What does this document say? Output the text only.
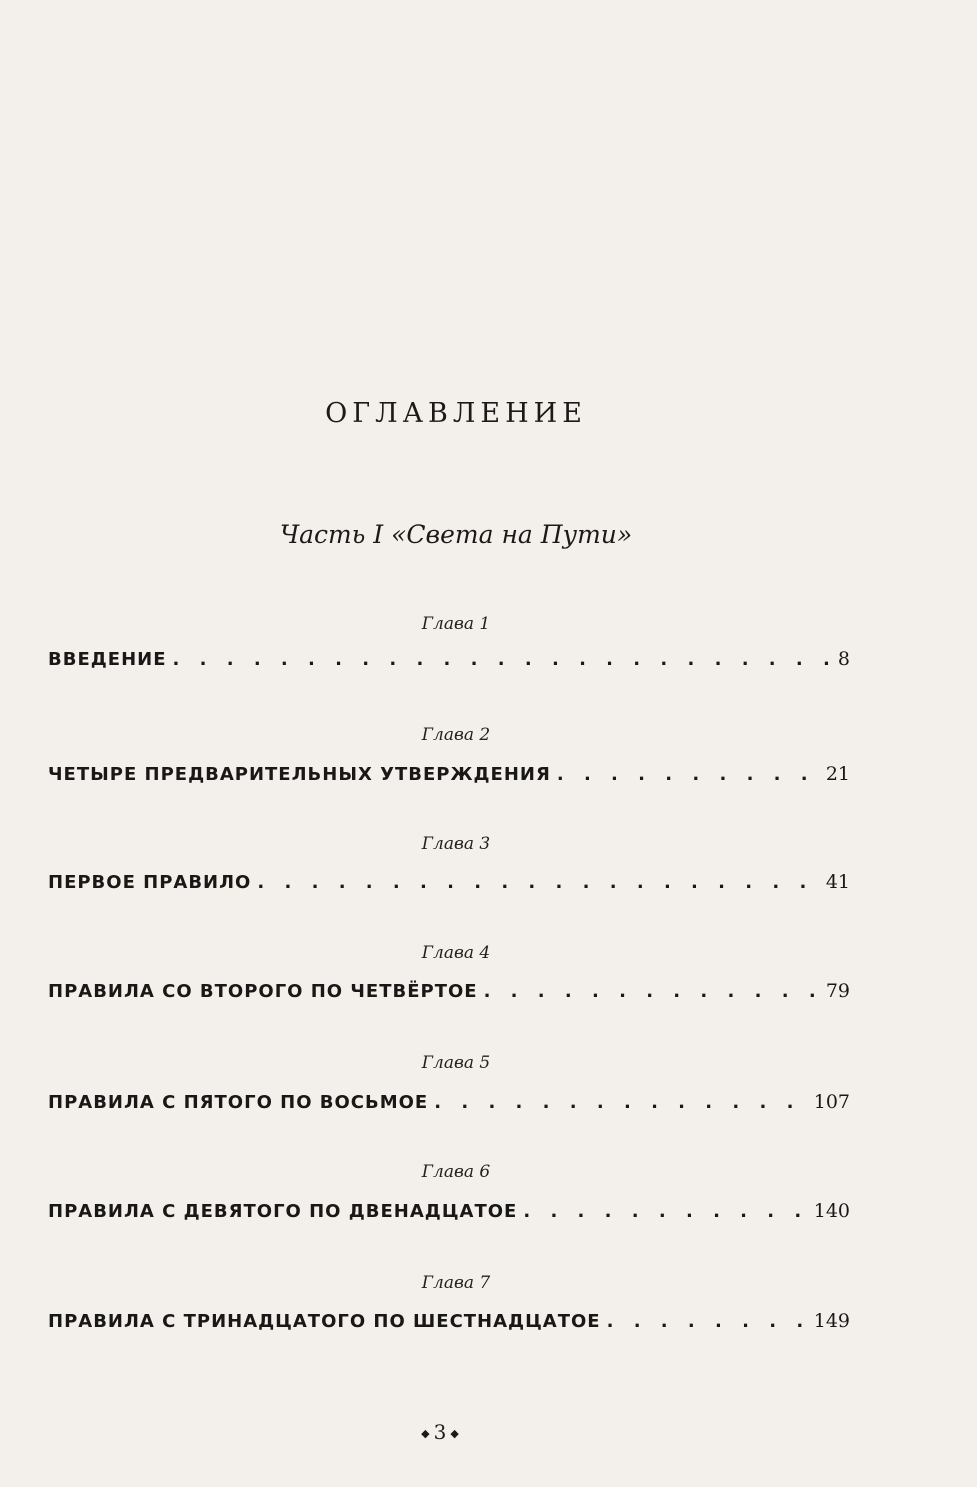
ОГЛАВЛЕНИЕ
Часть I «Света на Пути»
Глава 1
ВВЕДЕНИЕ . . .	8
Глава 2
ЧЕТЫРЕ ПРЕДВАРИТЕЛЬНЫХ УТВЕРЖДЕНИЯ . . .	21
Глава 3
ПЕРВОЕ ПРАВИЛО . . .	41
Глава 4
ПРАВИЛА СО ВТОРОГО ПО ЧЕТВЁРТОЕ . . .	79
Глава 5
ПРАВИЛА С ПЯТОГО ПО ВОСЬМОЕ . . .	107
Глава 6
ПРАВИЛА С ДЕВЯТОГО ПО ДВЕНАДЦАТОЕ . . .	140
Глава 7
ПРАВИЛА С ТРИНАДЦАТОГО ПО ШЕСТНАДЦАТОЕ . . .	149
◆ 3 ◆
